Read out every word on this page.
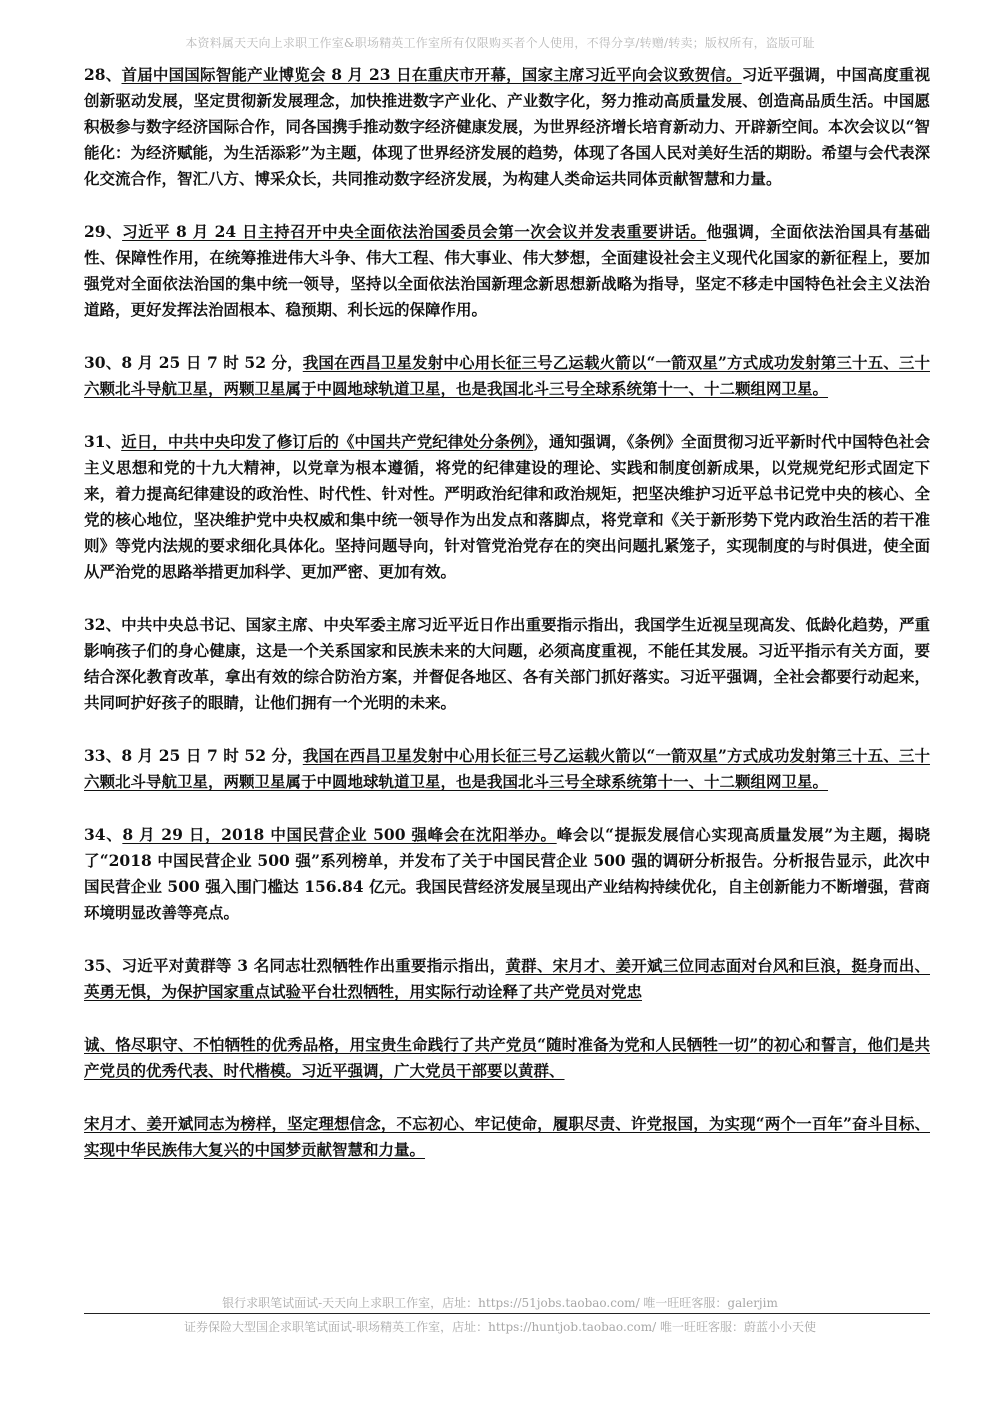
本资料属天天向上求职工作室&职场精英工作室所有仅限购买者个人使用，不得分享/转赠/转卖；版权所有，盗版可耻

28、首届中国国际智能产业博览会 8 月 23 日在重庆市开幕，国家主席习近平向会议致贺信。习近平强调，中国高度重视创新驱动发展，坚定贯彻新发展理念，加快推进数字产业化、产业数字化，努力推动高质量发展、创造高品质生活。中国愿积极参与数字经济国际合作，同各国携手推动数字经济健康发展，为世界经济增长培育新动力、开辟新空间。本次会议以“智能化：为经济赋能，为生活添彩”为主题，体现了世界经济发展的趋势，体现了各国人民对美好生活的期盼。希望与会代表深化交流合作，智汇八方、博采众长，共同推动数字经济发展，为构建人类命运共同体贡献智慧和力量。

29、习近平 8 月 24 日主持召开中央全面依法治国委员会第一次会议并发表重要讲话。他强调，全面依法治国具有基础性、保障性作用，在统筹推进伟大斗争、伟大工程、伟大事业、伟大梦想，全面建设社会主义现代化国家的新征程上，要加强党对全面依法治国的集中统一领导，坚持以全面依法治国新理念新思想新战略为指导，坚定不移走中国特色社会主义法治道路，更好发挥法治固根本、稳预期、利长远的保障作用。

30、8 月 25 日 7 时 52 分，我国在西昌卫星发射中心用长征三号乙运载火箭以“一箭双星”方式成功发射第三十五、三十六颗北斗导航卫星，两颗卫星属于中圆地球轨道卫星，也是我国北斗三号全球系统第十一、十二颗组网卫星。

31、近日，中共中央印发了修订后的《中国共产党纪律处分条例》，通知强调，《条例》全面贯彻习近平新时代中国特色社会主义思想和党的十九大精神，以党章为根本遵循，将党的纪律建设的理论、实践和制度创新成果，以党规党纪形式固定下来，着力提高纪律建设的政治性、时代性、针对性。严明政治纪律和政治规矩，把坚决维护习近平总书记党中央的核心、全党的核心地位，坚决维护党中央权威和集中统一领导作为出发点和落脚点，将党章和《关于新形势下党内政治生活的若干准则》等党内法规的要求细化具体化。坚持问题导向，针对管党治党存在的突出问题扎紧笼子，实现制度的与时俱进，使全面从严治党的思路举措更加科学、更加严密、更加有效。

32、中共中央总书记、国家主席、中央军委主席习近平近日作出重要指示指出，我国学生近视呈现高发、低龄化趋势，严重影响孩子们的身心健康，这是一个关系国家和民族未来的大问题，必须高度重视，不能任其发展。习近平指示有关方面，要结合深化教育改革，拿出有效的综合防治方案，并督促各地区、各有关部门抓好落实。习近平强调，全社会都要行动起来，共同呵护好孩子的眼睛，让他们拥有一个光明的未来。

33、8 月 25 日 7 时 52 分，我国在西昌卫星发射中心用长征三号乙运载火箭以“一箭双星”方式成功发射第三十五、三十六颗北斗导航卫星，两颗卫星属于中圆地球轨道卫星，也是我国北斗三号全球系统第十一、十二颗组网卫星。

34、8 月 29 日，2018 中国民营企业 500 强峰会在沈阳举办。峰会以“提振发展信心实现高质量发展”为主题，揭晓了“2018 中国民营企业 500 强”系列榜单，并发布了关于中国民营企业 500 强的调研分析报告。分析报告显示，此次中国民营企业 500 强入围门槛达 156.84 亿元。我国民营经济发展呈现出产业结构持续优化，自主创新能力不断增强，营商环境明显改善等亮点。

35、习近平对黄群等 3 名同志壮烈牺牲作出重要指示指出，黄群、宋月才、姜开斌三位同志面对台风和巨浪，挺身而出、英勇无惧，为保护国家重点试验平台壮烈牺牲，用实际行动诠释了共产党员对党忠

诚、恪尽职守、不怕牺牲的优秀品格，用宝贵生命践行了共产党员“随时准备为党和人民牺牲一切”的初心和誓言，他们是共产党员的优秀代表、时代楷模。习近平强调，广大党员干部要以黄群、

宋月才、姜开斌同志为榜样，坚定理想信念，不忘初心、牢记使命，履职尽责、许党报国，为实现“两个一百年”奋斗目标、实现中华民族伟大复兴的中国梦贡献智慧和力量。

银行求职笔试面试-天天向上求职工作室，店址：https://51jobs.taobao.com/ 唯一旺旺客服：galerjim
证券保险大型国企求职笔试面试-职场精英工作室，店址：https://huntjob.taobao.com/ 唯一旺旺客服：蔚蓝小小天使
